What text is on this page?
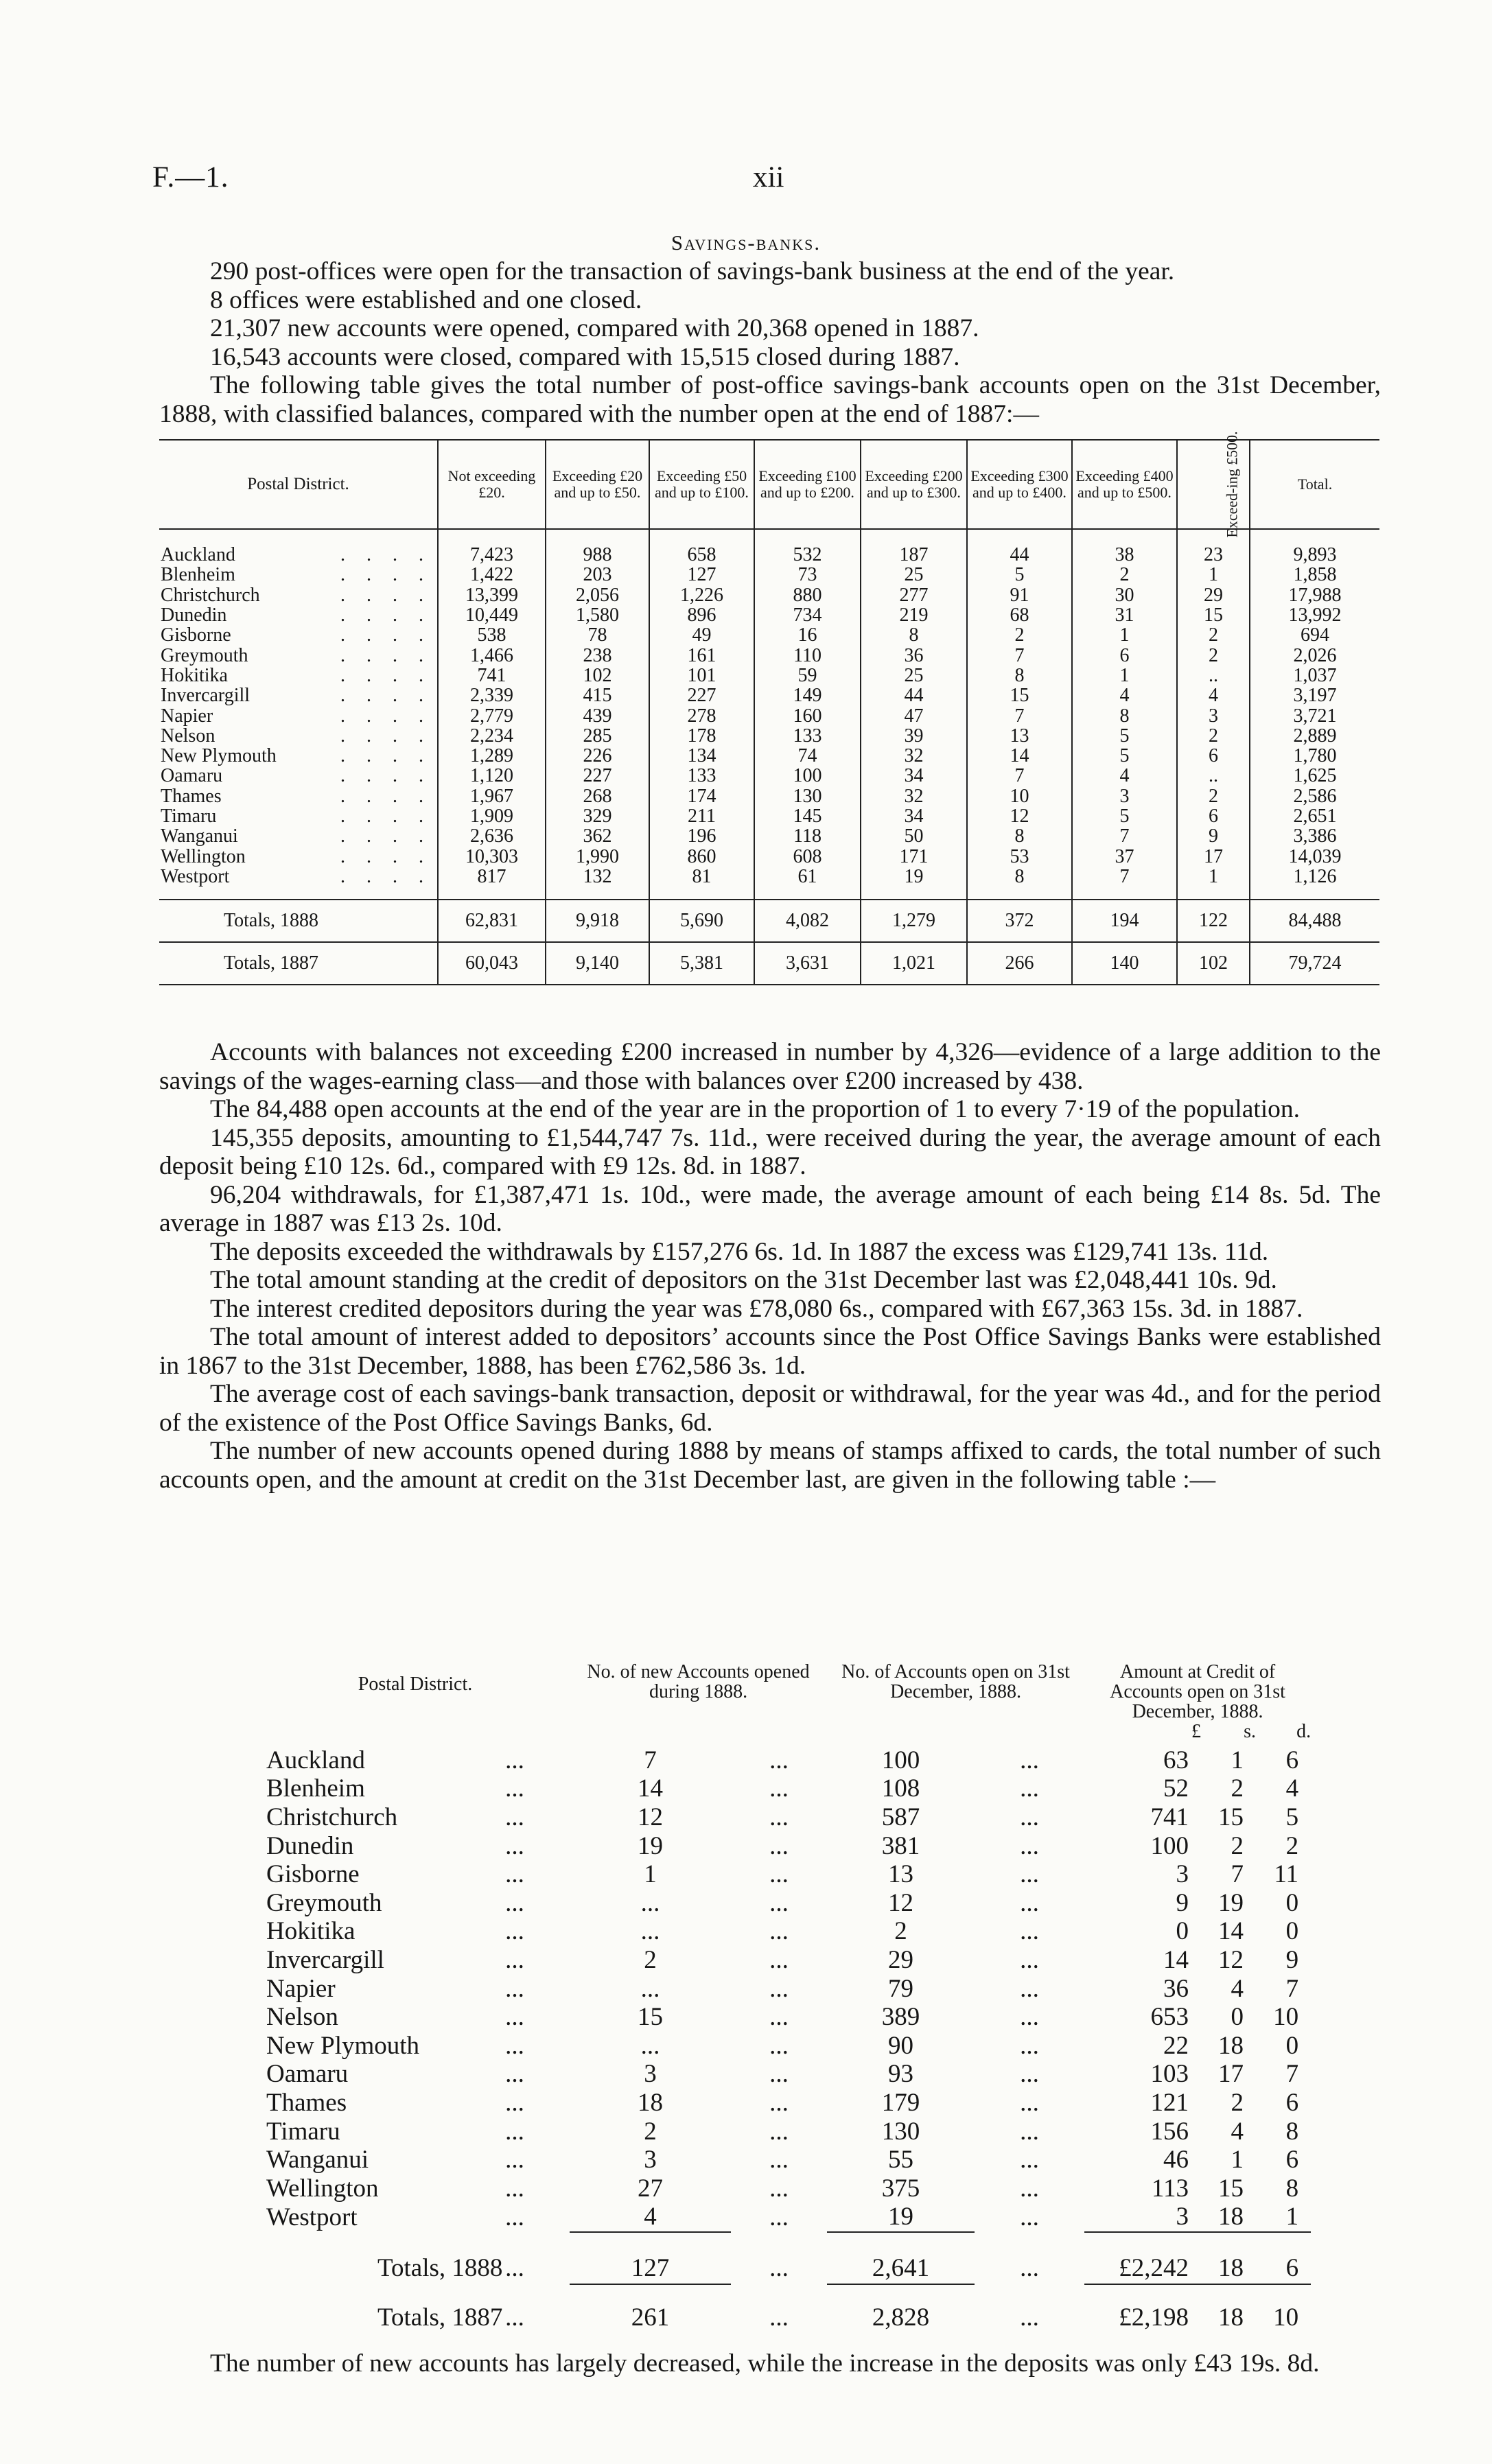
F.—1.	xii
Savings-banks.

290 post-offices were open for the transaction of savings-bank business at the end of the year.

8 offices were established and one closed.

21,307 new accounts were opened, compared with 20,368 opened in 1887.

16,543 accounts were closed, compared with 15,515 closed during 1887.

The following table gives the total number of post-office savings-bank accounts open on the 31st December, 1888, with classified balances, compared with the number open at the end of 1887:—

Postal District.	Not exceeding £20.	Exceeding £20 and up to £50.	Exceeding £50 and up to £100.	Exceeding £100 and up to £200.	Exceeding £200 and up to £300.	Exceeding £300 and up to £400.	Exceeding £400 and up to £500.	Exceed-ing £500.	Total.
Auckland . . . .	7,423	988	658	532	187	44	38	23	9,893
Blenheim . . . .	1,422	203	127	73	25	5	2	1	1,858
Christchurch . . . .	13,399	2,056	1,226	880	277	91	30	29	17,988
Dunedin . . . .	10,449	1,580	896	734	219	68	31	15	13,992
Gisborne . . . .	538	78	49	16	8	2	1	2	694
Greymouth . . . .	1,466	238	161	110	36	7	6	2	2,026
Hokitika . . . .	741	102	101	59	25	8	1	..	1,037
Invercargill . . . .	2,339	415	227	149	44	15	4	4	3,197
Napier . . . .	2,779	439	278	160	47	7	8	3	3,721
Nelson . . . .	2,234	285	178	133	39	13	5	2	2,889
New Plymouth . . . .	1,289	226	134	74	32	14	5	6	1,780
Oamaru . . . .	1,120	227	133	100	34	7	4	..	1,625
Thames . . . .	1,967	268	174	130	32	10	3	2	2,586
Timaru . . . .	1,909	329	211	145	34	12	5	6	2,651
Wanganui . . . .	2,636	362	196	118	50	8	7	9	3,386
Wellington . . . .	10,303	1,990	860	608	171	53	37	17	14,039
Westport . . . .	817	132	81	61	19	8	7	1	1,126
Totals, 1888	62,831	9,918	5,690	4,082	1,279	372	194	122	84,488
Totals, 1887	60,043	9,140	5,381	3,631	1,021	266	140	102	79,724

Accounts with balances not exceeding £200 increased in number by 4,326—evidence of a large addition to the savings of the wages-earning class—and those with balances over £200 increased by 438.

The 84,488 open accounts at the end of the year are in the proportion of 1 to every 7·19 of the population.

145,355 deposits, amounting to £1,544,747 7s. 11d., were received during the year, the average amount of each deposit being £10 12s. 6d., compared with £9 12s. 8d. in 1887.

96,204 withdrawals, for £1,387,471 1s. 10d., were made, the average amount of each being £14 8s. 5d. The average in 1887 was £13 2s. 10d.

The deposits exceeded the withdrawals by £157,276 6s. 1d. In 1887 the excess was £129,741 13s. 11d.

The total amount standing at the credit of depositors on the 31st December last was £2,048,441 10s. 9d.

The interest credited depositors during the year was £78,080 6s., compared with £67,363 15s. 3d. in 1887.

The total amount of interest added to depositors’ accounts since the Post Office Savings Banks were established in 1867 to the 31st December, 1888, has been £762,586 3s. 1d.

The average cost of each savings-bank transaction, deposit or withdrawal, for the year was 4d., and for the period of the existence of the Post Office Savings Banks, 6d.

The number of new accounts opened during 1888 by means of stamps affixed to cards, the total number of such accounts open, and the amount at credit on the 31st December last, are given in the following table :—

Postal District.		No. of new Accounts opened during 1888.		No. of Accounts open on 31st December, 1888.		Amount at Credit of Accounts open on 31st December, 1888.		
						£	s.	d.
Auckland	...	7	...	100	...	63	1	6
Blenheim	...	14	...	108	...	52	2	4
Christchurch	...	12	...	587	...	741	15	5
Dunedin	...	19	...	381	...	100	2	2
Gisborne	...	1	...	13	...	3	7	11
Greymouth	...	...	...	12	...	9	19	0
Hokitika	...	...	...	2	...	0	14	0
Invercargill	...	2	...	29	...	14	12	9
Napier	...	...	...	79	...	36	4	7
Nelson	...	15	...	389	...	653	0	10
New Plymouth	...	...	...	90	...	22	18	0
Oamaru	...	3	...	93	...	103	17	7
Thames	...	18	...	179	...	121	2	6
Timaru	...	2	...	130	...	156	4	8
Wanganui	...	3	...	55	...	46	1	6
Wellington	...	27	...	375	...	113	15	8
Westport	...	4	...	19	...	3	18	1
Totals, 1888	...	127	...	2,641	...	£2,242	18	6
Totals, 1887	...	261	...	2,828	...	£2,198	18	10

The number of new accounts has largely decreased, while the increase in the deposits was only £43 19s. 8d.
